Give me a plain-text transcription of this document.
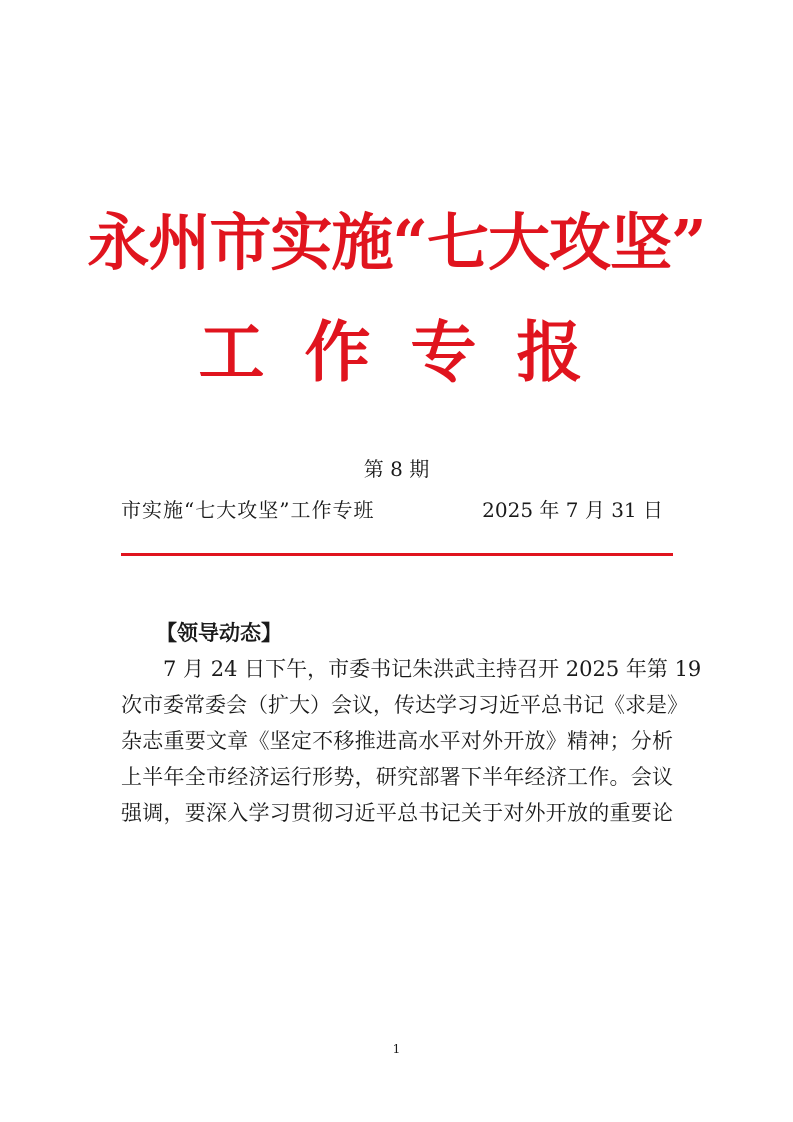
永州市实施“七大攻坚”
工作专报
第 8 期
市实施“七大攻坚”工作专班	2025 年 7 月 31 日
【领导动态】
7 月 24 日下午，市委书记朱洪武主持召开 2025 年第 19
次市委常委会（扩大）会议，传达学习习近平总书记《求是》
杂志重要文章《坚定不移推进高水平对外开放》精神；分析
上半年全市经济运行形势，研究部署下半年经济工作。会议
强调，要深入学习贯彻习近平总书记关于对外开放的重要论
1
